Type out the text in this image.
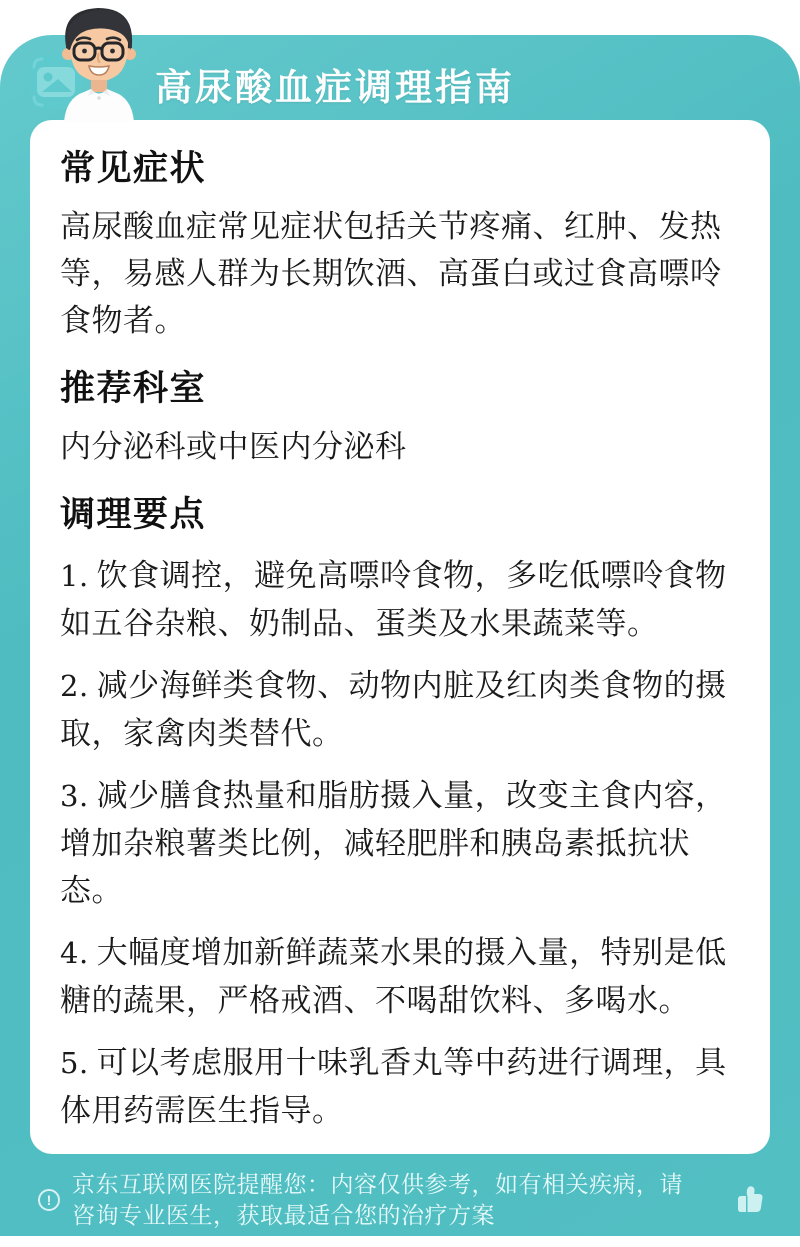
高尿酸血症调理指南
常见症状

高尿酸血症常见症状包括关节疼痛、红肿、发热等，易感人群为长期饮酒、高蛋白或过食高嘌呤食物者。

推荐科室

内分泌科或中医内分泌科

调理要点
1. 饮食调控，避免高嘌呤食物，多吃低嘌呤食物如五谷杂粮、奶制品、蛋类及水果蔬菜等。
2. 减少海鲜类食物、动物内脏及红肉类食物的摄取，家禽肉类替代。
3. 减少膳食热量和脂肪摄入量，改变主食内容，增加杂粮薯类比例，减轻肥胖和胰岛素抵抗状态。
4. 大幅度增加新鲜蔬菜水果的摄入量，特别是低糖的蔬果，严格戒酒、不喝甜饮料、多喝水。
5. 可以考虑服用十味乳香丸等中药进行调理，具体用药需医生指导。
!
京东互联网医院提醒您：内容仅供参考，如有相关疾病，请咨询专业医生，获取最适合您的治疗方案
